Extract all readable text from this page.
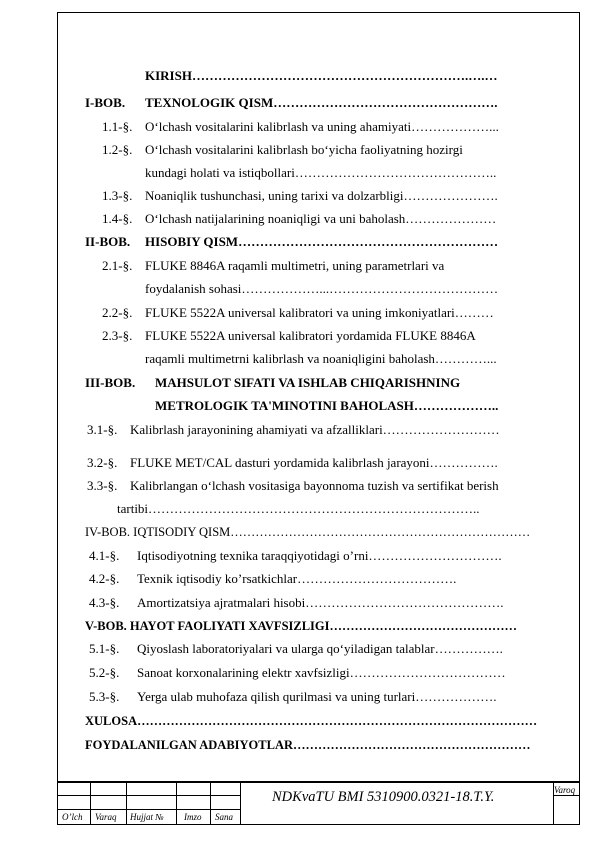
KIRISH……………………………………………………….….…
I-BOB. TEXNOLOGIK QISM…………………………………………….
1.1-§. O‘lchash vositalarini kalibrlash va uning ahamiyati………………...
1.2-§. O‘lchash vositalarini kalibrlash bo‘yicha faoliyatning hozirgi
kundagi holati va istiqbollari………………………………………..
1.3-§. Noaniqlik tushunchasi, uning tarixi va dolzarbligi………………….
1.4-§. O‘lchash natijalarining noaniqligi va uni baholash…………………
II-BOB. HISOBIY QISM……………………………………………………
2.1-§. FLUKE 8846A raqamli multimetri, uning parametrlari va
foydalanish sohasi………………...…………………………………
2.2-§. FLUKE 5522A universal kalibratori va uning imkoniyatlari………
2.3-§. FLUKE 5522A universal kalibratori yordamida FLUKE 8846A
raqamli multimetrni kalibrlash va noaniqligini baholash…………...
III-BOB. MAHSULOT SIFATI VA ISHLAB CHIQARISHNING
METROLOGIK TA'MINOTINI BAHOLASH………………..
3.1-§. Kalibrlash jarayonining ahamiyati va afzalliklari………………………
3.2-§. FLUKE MET/CAL dasturi yordamida kalibrlash jarayoni…………….
3.3-§. Kalibrlangan o‘lchash vositasiga bayonnoma tuzish va sertifikat berish
tartibi…………………………………………………………………..
IV-BOB. IQTISODIY QISM………………………………………………………………
4.1-§. Iqtisodiyotning texnika taraqqiyotidagi o’rni………………………….
4.2-§. Texnik iqtisodiy ko’rsatkichlar……………………………….
4.3-§. Amortizatsiya ajratmalari hisobi……………………………………….
V-BOB. HAYOT FAOLIYATI XAVFSIZLIGI………………………………………
5.1-§. Qiyoslash laboratoriyalari va ularga qo‘yiladigan talablar…………….
5.2-§. Sanoat korxonalarining elektr xavfsizligi………………………………
5.3-§. Yerga ulab muhofaza qilish qurilmasi va uning turlari……………….
XULOSA……………………………………………………………………………………
FOYDALANILGAN ADABIYOTLAR…………………………………………………
O’lch Varaq Hujjat № Imzo Sana
NDKvaTU BMI 5310900.0321-18.T.Y.	Varoq
